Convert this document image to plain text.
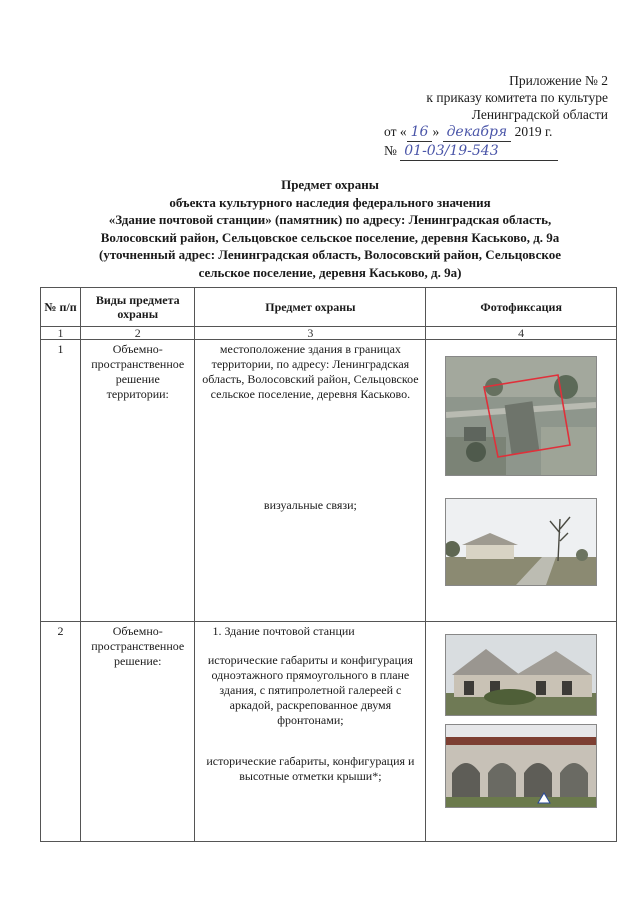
Приложение № 2
к приказу комитета по культуре
Ленинградской области
от « 16 » декабря 2019 г.
№ 01-03/19-543
Предмет охраны
объекта культурного наследия федерального значения
«Здание почтовой станции» (памятник) по адресу: Ленинградская область,
Волосовский район, Сельцовское сельское поселение, деревня Каськово, д. 9а
(уточненный адрес: Ленинградская область, Волосовский район, Сельцовское
сельское поселение, деревня Каськово, д. 9а)
№ п/п	Виды предмета охраны	Предмет охраны	Фотофиксация
1	2	3	4
1	Объемно-пространственное решение территории:	местоположение здания в границах территории, по адресу: Ленинградская область, Волосовский район, Сельцовское сельское поселение, деревня Каськово.
визуальные связи;	

2	Объемно-пространственное решение:	1. Здание почтовой станции
исторические габариты и конфигурация одноэтажного прямоугольного в плане здания, с пятипролетной галереей с аркадой, раскрепованное двумя фронтонами;
исторические габариты, конфигурация и высотные отметки крыши*;	
